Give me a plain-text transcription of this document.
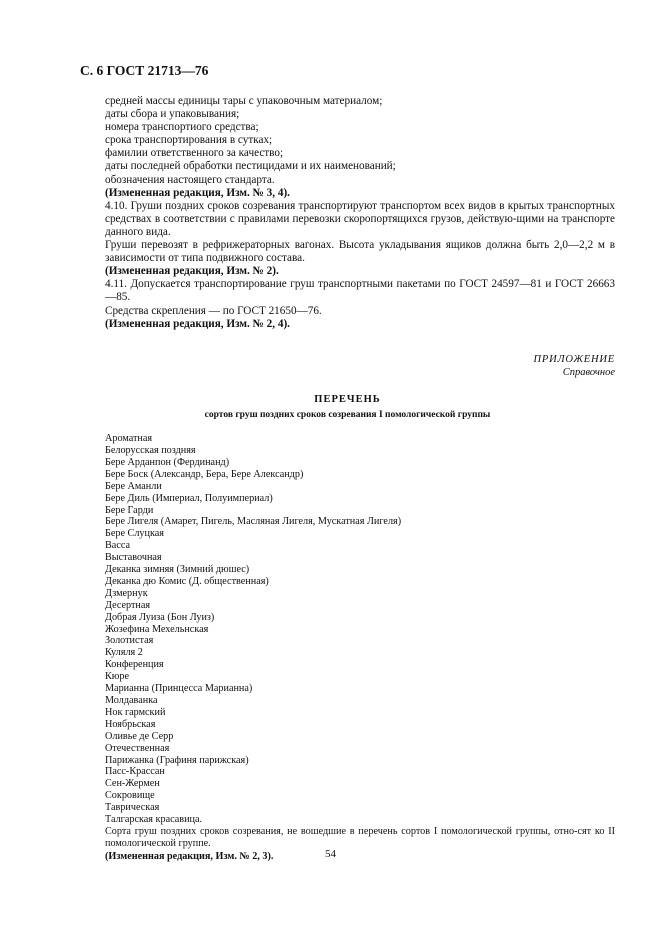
С. 6 ГОСТ 21713—76

средней массы единицы тары с упаковочным материалом;

даты сбора и упаковывания;

номера транспортиого средства;

срока транспортирования в сутках;

фамилии ответственного за качество;

даты последней обработки пестицидами и их наименований;

обозначения настоящего стандарта.

(Измененная редакция, Изм. № 3, 4).

4.10. Груши поздних сроков созревания транспортируют транспортом всех видов в крытых транспортных средствах в соответствии с правилами перевозки скоропортящихся грузов, действую-щими на транспорте данного вида.

Груши перевозят в рефрижераторных вагонах. Высота укладывания ящиков должна быть 2,0—2,2 м в зависимости от типа подвижного состава.

(Измененная редакция, Изм. № 2).

4.11. Допускается транспортирование груш транспортными пакетами по ГОСТ 24597—81 и ГОСТ 26663—85.

Средства скрепления — по ГОСТ 21650—76.

(Измененная редакция, Изм. № 2, 4).

ПРИЛОЖЕНИЕ
Справочное
ПЕРЕЧЕНЬ
сортов груш поздних сроков созревания I помологической группы
Ароматная
Белорусская поздняя
Бере Арданпон (Фердинанд)
Бере Боск (Александр, Бера, Бере Александр)
Бере Аманли
Бере Диль (Империал, Полуимпериал)
Бере Гарди
Бере Лигеля (Амарет, Пигель, Масляная Лигеля, Мускатная Лигеля)
Бере Слуцкая
Васса
Выставочная
Деканка зимняя (Зимний дюшес)
Деканка дю Комис (Д. общественная)
Дзмернук
Десертная
Добрая Луиза (Бон Луиз)
Жозефина Мехельнская
Золотистая
Куляля 2
Конференция
Кюре
Марианна (Принцесса Марианна)
Молдаванка
Нок гармский
Ноябрьская
Оливье де Серр
Отечественная
Парижанка (Графиня парижская)
Пасс-Крассан
Сен-Жермен
Сокровище
Таврическая
Талгарская красавица.

Сорта груш поздних сроков созревания, не вошедшие в перечень сортов I помологической группы, отно-сят ко II помологической группе.

(Измененная редакция, Изм. № 2, 3).	54
